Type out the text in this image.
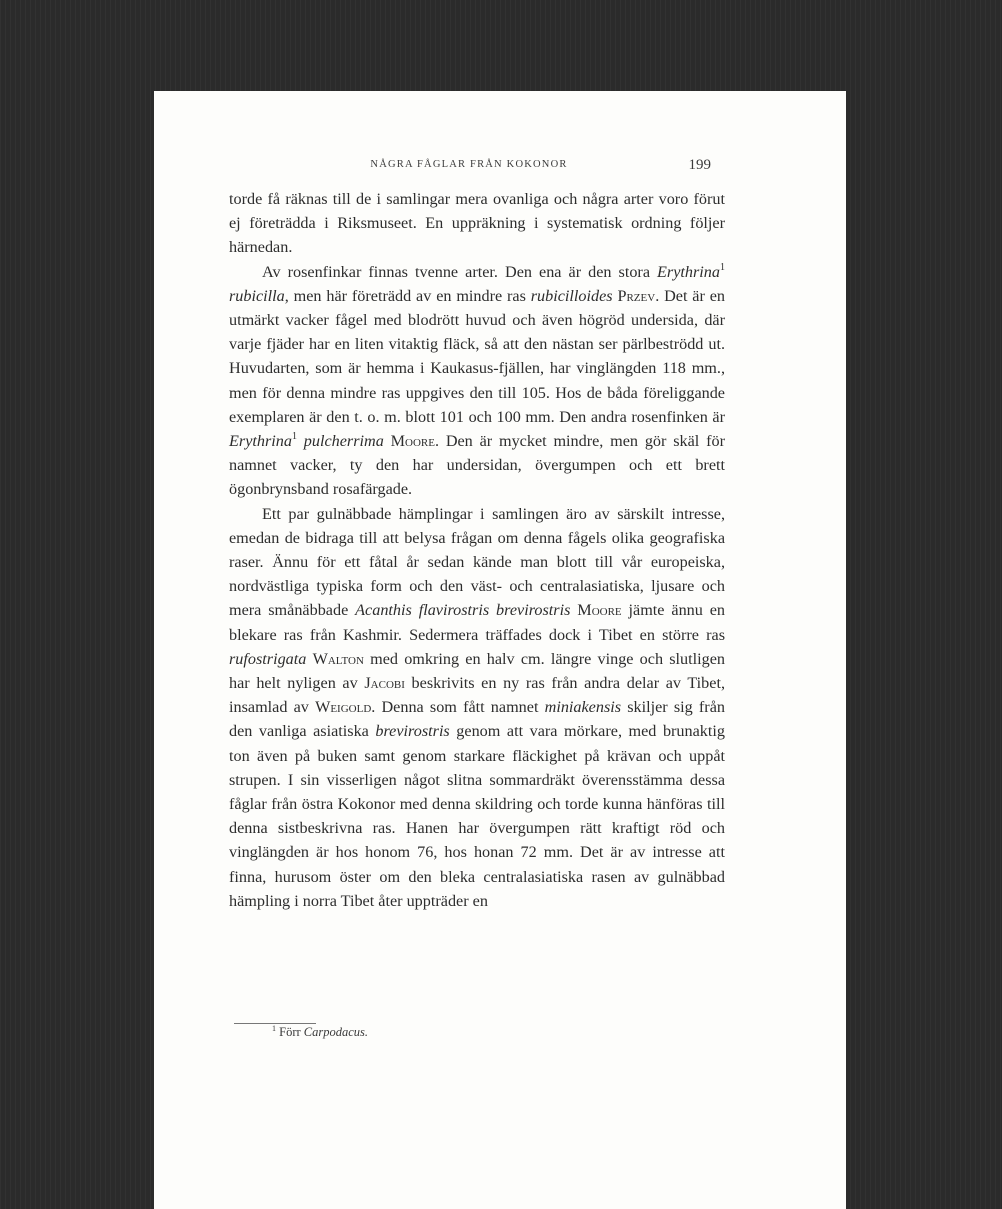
NÅGRA FÅGLAR FRÅN KOKONOR	199

torde få räknas till de i samlingar mera ovanliga och några arter voro förut ej företrädda i Riksmuseet. En uppräkning i systematisk ordning följer härnedan.

Av rosenfinkar finnas tvenne arter. Den ena är den stora Erythrina$^1$ rubicilla, men här företrädd av en mindre ras rubicilloides Przev. Det är en utmärkt vacker fågel med blodrött huvud och även högröd undersida, där varje fjäder har en liten vitaktig fläck, så att den nästan ser pärlbeströdd ut. Huvudarten, som är hemma i Kaukasus-fjällen, har vinglängden 118 mm., men för denna mindre ras uppgives den till 105. Hos de båda föreliggande exemplaren är den t. o. m. blott 101 och 100 mm. Den andra rosenfinken är Erythrina$^1$ pulcherrima Moore. Den är mycket mindre, men gör skäl för namnet vacker, ty den har undersidan, övergumpen och ett brett ögonbrynsband rosafärgade.

Ett par gulnäbbade hämplingar i samlingen äro av särskilt intresse, emedan de bidraga till att belysa frågan om denna fågels olika geografiska raser. Ännu för ett fåtal år sedan kände man blott till vår europeiska, nordvästliga typiska form och den väst- och centralasiatiska, ljusare och mera smånäbbade Acanthis flavirostris brevirostris Moore jämte ännu en blekare ras från Kashmir. Sedermera träffades dock i Tibet en större ras rufostrigata Walton med omkring en halv cm. längre vinge och slutligen har helt nyligen av Jacobi beskrivits en ny ras från andra delar av Tibet, insamlad av Weigold. Denna som fått namnet miniakensis skiljer sig från den vanliga asiatiska brevirostris genom att vara mörkare, med brunaktig ton även på buken samt genom starkare fläckighet på krävan och uppåt strupen. I sin visserligen något slitna sommardräkt överensstämma dessa fåglar från östra Kokonor med denna skildring och torde kunna hänföras till denna sistbeskrivna ras. Hanen har övergumpen rätt kraftigt röd och vinglängden är hos honom 76, hos honan 72 mm. Det är av intresse att finna, hurusom öster om den bleka centralasiatiska rasen av gulnäbbad hämpling i norra Tibet åter uppträder en

$^1$ Förr Carpodacus.
